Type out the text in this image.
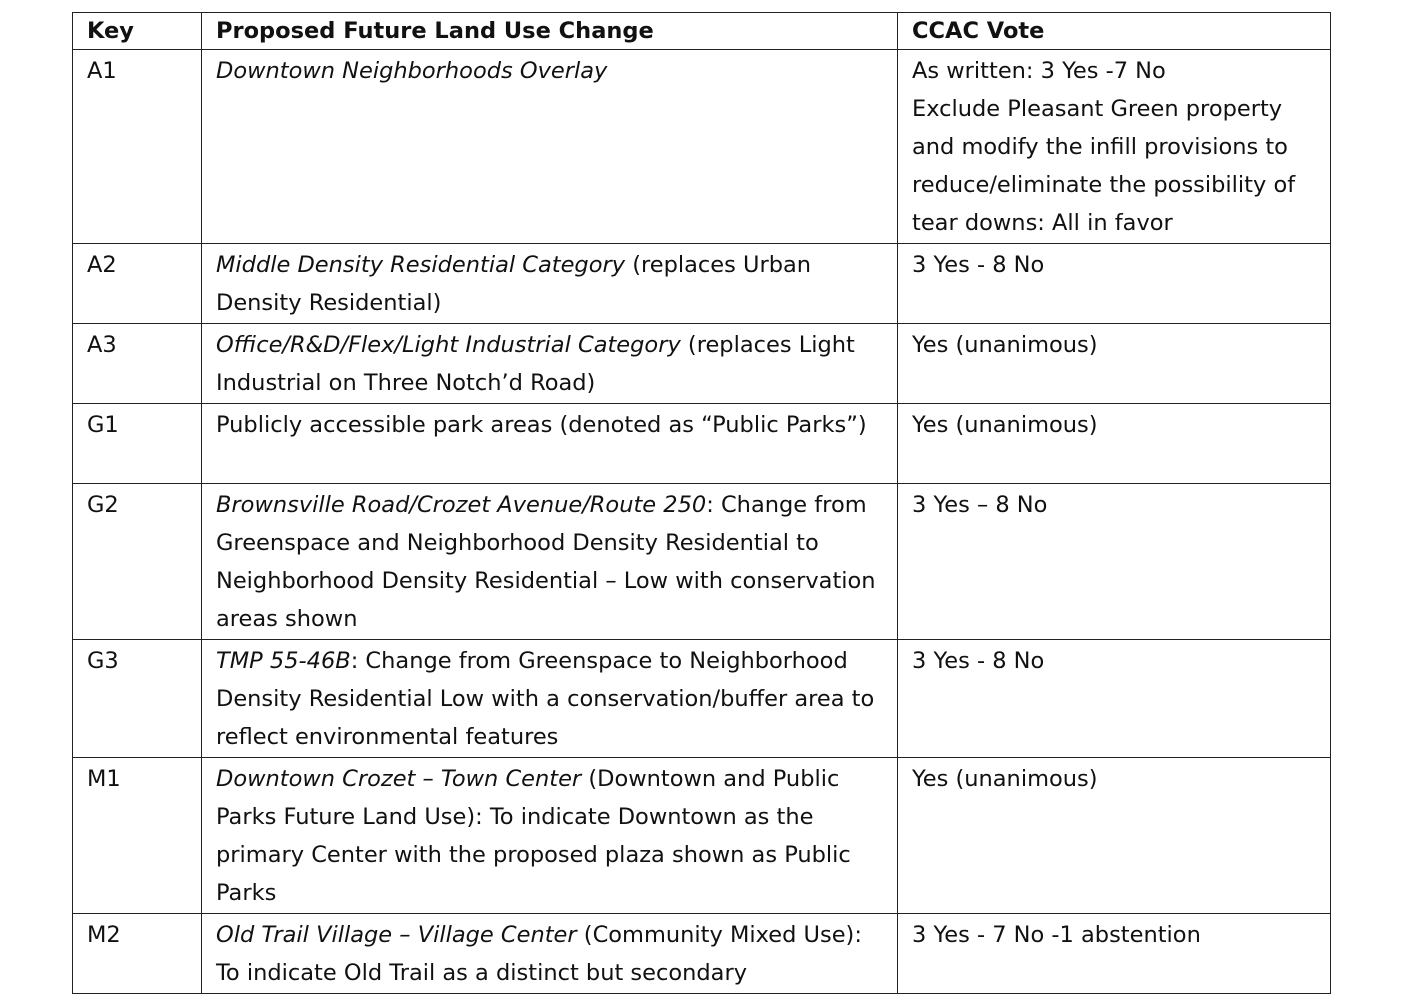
Key	Proposed Future Land Use Change	CCAC Vote
A1	Downtown Neighborhoods Overlay	As written: 3 Yes -7 No
Exclude Pleasant Green property and modify the infill provisions to reduce/eliminate the possibility of tear downs: All in favor

A2	Middle Density Residential Category (replaces Urban Density Residential)	3 Yes - 8 No

A3	Office/R&D/Flex/Light Industrial Category (replaces Light Industrial on Three Notch’d Road)	Yes (unanimous)

G1	Publicly accessible park areas (denoted as “Public Parks”)	Yes (unanimous)

G2	Brownsville Road/Crozet Avenue/Route 250: Change from Greenspace and Neighborhood Density Residential to Neighborhood Density Residential – Low with conservation areas shown	3 Yes – 8 No

G3	TMP 55-46B: Change from Greenspace to Neighborhood Density Residential Low with a conservation/buffer area to reflect environmental features	3 Yes - 8 No

M1	Downtown Crozet – Town Center (Downtown and Public Parks Future Land Use): To indicate Downtown as the primary Center with the proposed plaza shown as Public Parks	Yes (unanimous)

M2	Old Trail Village – Village Center (Community Mixed Use): To indicate Old Trail as a distinct but secondary	3 Yes - 7 No -1 abstention
